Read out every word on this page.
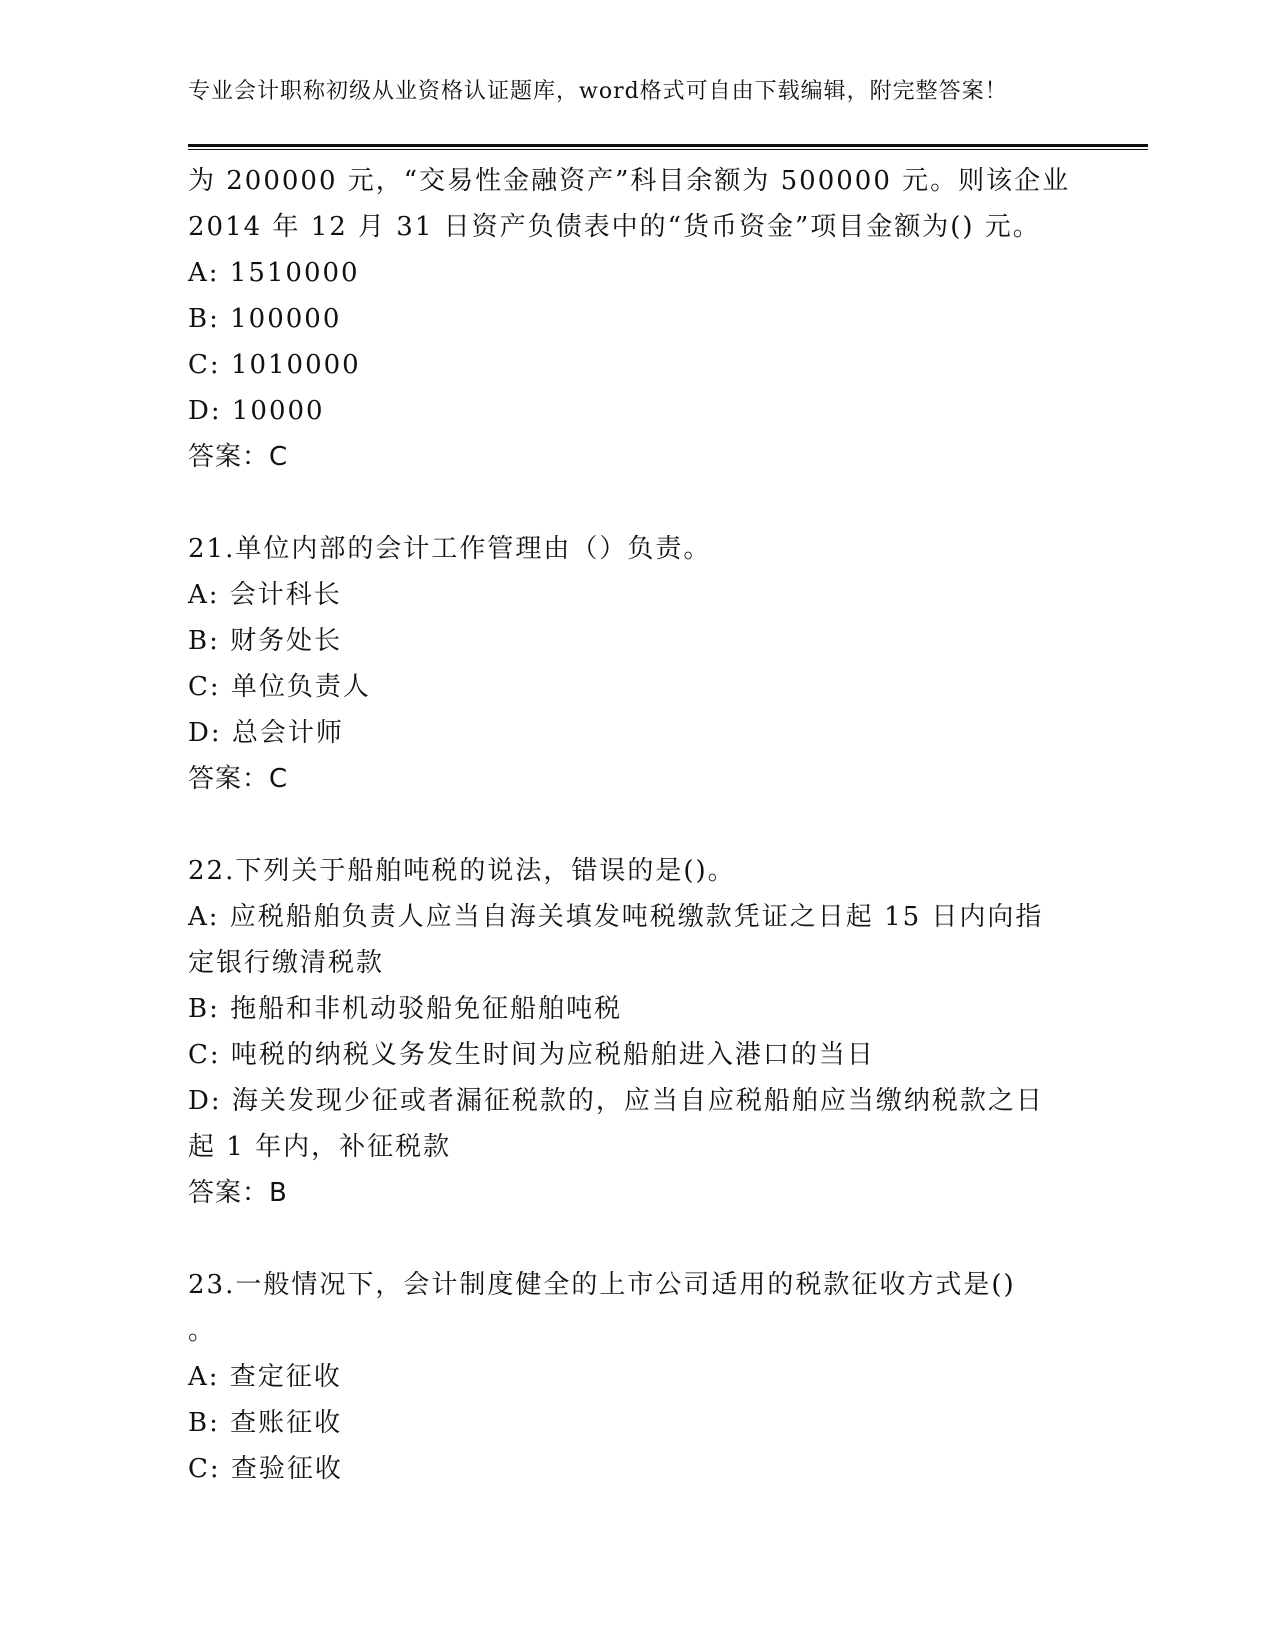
专业会计职称初级从业资格认证题库，word格式可自由下载编辑，附完整答案！
为 200000 元，“交易性金融资产”科目余额为 500000 元。则该企业
2014 年 12 月 31 日资产负债表中的“货币资金”项目金额为() 元。
A: 1510000
B: 100000
C: 1010000
D: 10000
答案：C
21.单位内部的会计工作管理由（）负责。
A: 会计科长
B: 财务处长
C: 单位负责人
D: 总会计师
答案：C
22.下列关于船舶吨税的说法，错误的是()。
A: 应税船舶负责人应当自海关填发吨税缴款凭证之日起 15 日内向指
定银行缴清税款
B: 拖船和非机动驳船免征船舶吨税
C: 吨税的纳税义务发生时间为应税船舶进入港口的当日
D: 海关发现少征或者漏征税款的，应当自应税船舶应当缴纳税款之日
起 1 年内，补征税款
答案：B
23.一般情况下，会计制度健全的上市公司适用的税款征收方式是()
。
A: 查定征收
B: 查账征收
C: 查验征收
